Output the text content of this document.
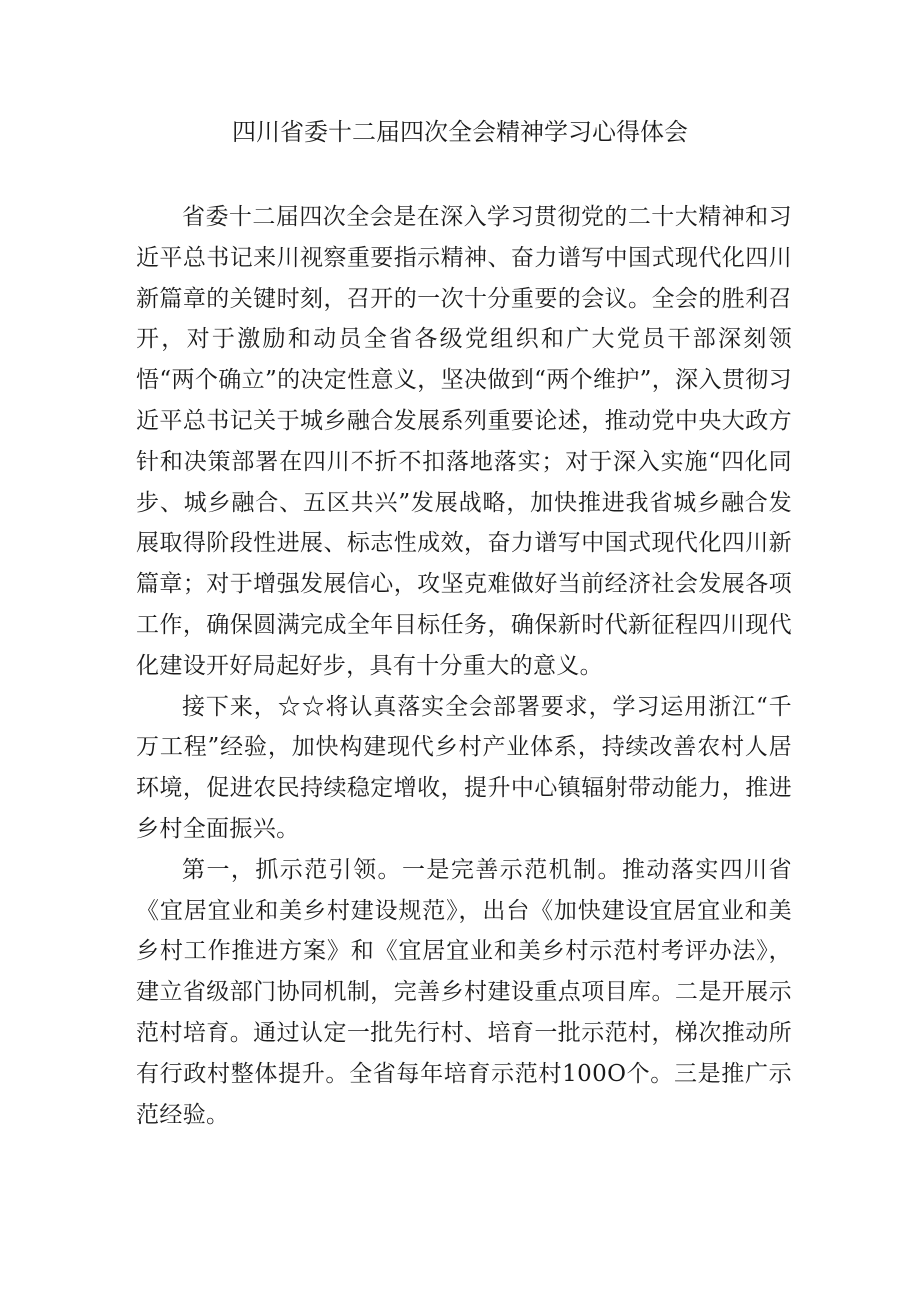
四川省委十二届四次全会精神学习心得体会

省委十二届四次全会是在深入学习贯彻党的二十大精神和习近平总书记来川视察重要指示精神、奋力谱写中国式现代化四川新篇章的关键时刻，召开的一次十分重要的会议。全会的胜利召开，对于激励和动员全省各级党组织和广大党员干部深刻领悟“两个确立”的决定性意义，坚决做到“两个维护”，深入贯彻习近平总书记关于城乡融合发展系列重要论述，推动党中央大政方针和决策部署在四川不折不扣落地落实；对于深入实施“四化同步、城乡融合、五区共兴”发展战略，加快推进我省城乡融合发展取得阶段性进展、标志性成效，奋力谱写中国式现代化四川新篇章；对于增强发展信心，攻坚克难做好当前经济社会发展各项工作，确保圆满完成全年目标任务，确保新时代新征程四川现代化建设开好局起好步，具有十分重大的意义。

接下来，☆☆将认真落实全会部署要求，学习运用浙江“千万工程”经验，加快构建现代乡村产业体系，持续改善农村人居环境，促进农民持续稳定增收，提升中心镇辐射带动能力，推进乡村全面振兴。

第一，抓示范引领。一是完善示范机制。推动落实四川省《宜居宜业和美乡村建设规范》，出台《加快建设宜居宜业和美乡村工作推进方案》和《宜居宜业和美乡村示范村考评办法》，建立省级部门协同机制，完善乡村建设重点项目库。二是开展示范村培育。通过认定一批先行村、培育一批示范村，梯次推动所有行政村整体提升。全省每年培育示范村100O个。三是推广示范经验。
